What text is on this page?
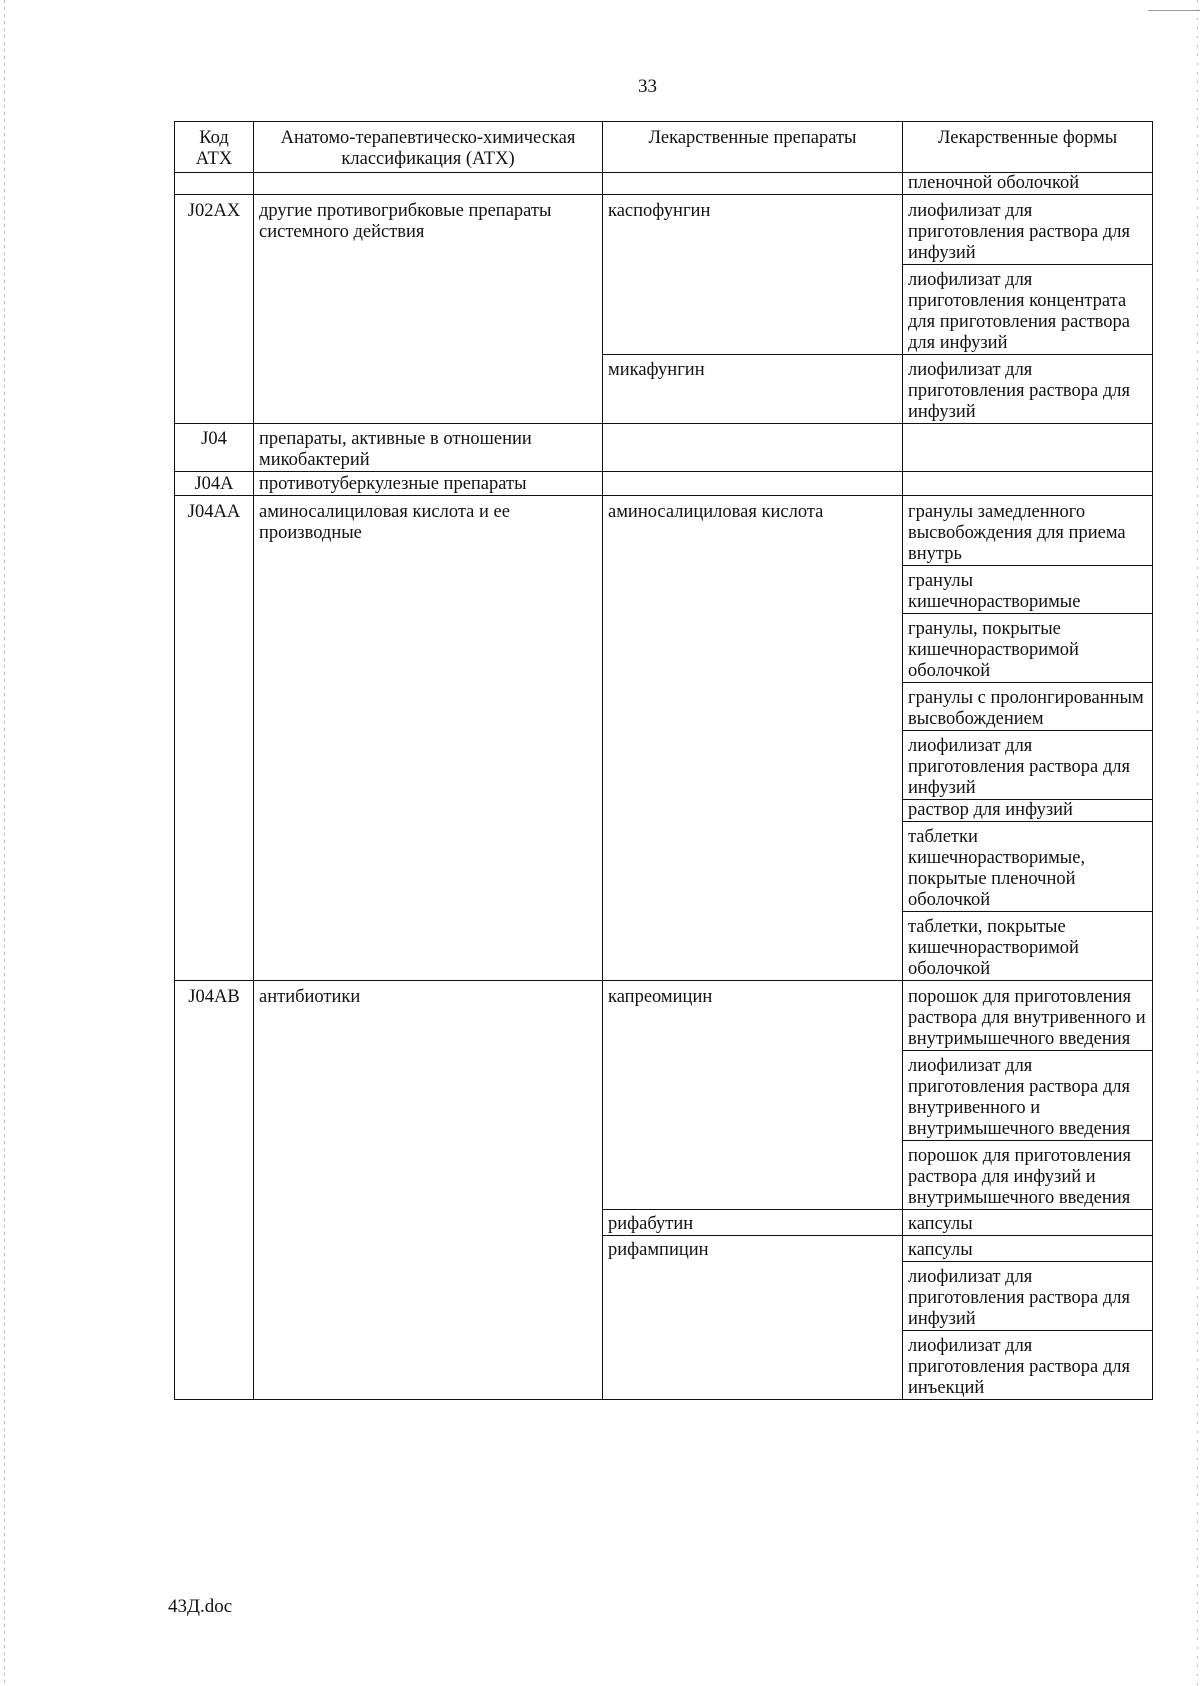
33
Код АТХ	Анатомо-терапевтическо-химическая классификация (АТХ)	Лекарственные препараты	Лекарственные формы
			пленочной оболочкой
J02AX	другие противогрибковые препараты системного действия	каспофунгин	лиофилизат для приготовления раствора для инфузий
			лиофилизат для приготовления концентрата для приготовления раствора для инфузий
		микафунгин	лиофилизат для приготовления раствора для инфузий
J04	препараты, активные в отношении микобактерий		
J04A	противотуберкулезные препараты		
J04AA	аминосалициловая кислота и ее производные	аминосалициловая кислота	гранулы замедленного высвобождения для приема внутрь
			гранулы кишечнорастворимые
			гранулы, покрытые кишечнорастворимой оболочкой
			гранулы с пролонгированным высвобождением
			лиофилизат для приготовления раствора для инфузий
			раствор для инфузий
			таблетки кишечнорастворимые, покрытые пленочной оболочкой
			таблетки, покрытые кишечнорастворимой оболочкой
J04AB	антибиотики	капреомицин	порошок для приготовления раствора для внутривенного и внутримышечного введения
			лиофилизат для приготовления раствора для внутривенного и внутримышечного введения
			порошок для приготовления раствора для инфузий и внутримышечного введения
		рифабутин	капсулы
		рифампицин	капсулы
			лиофилизат для приготовления раствора для инфузий
			лиофилизат для приготовления раствора для инъекций
43Д.doc
